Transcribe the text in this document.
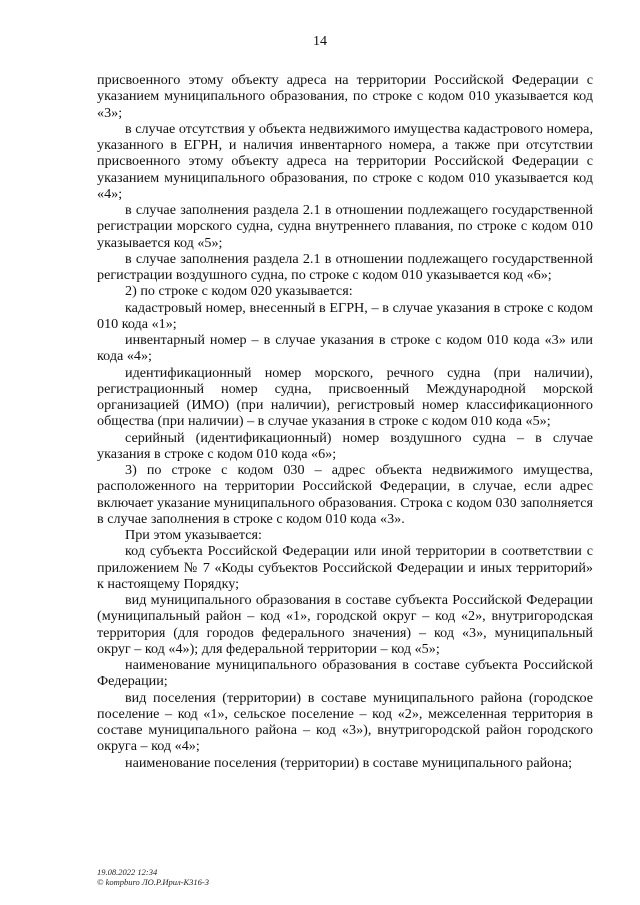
14

присвоенного этому объекту адреса на территории Российской Федерации с указанием муниципального образования, по строке с кодом 010 указывается код «3»;

в случае отсутствия у объекта недвижимого имущества кадастрового номера, указанного в ЕГРН, и наличия инвентарного номера, а также при отсутствии присвоенного этому объекту адреса на территории Российской Федерации с указанием муниципального образования, по строке с кодом 010 указывается код «4»;

в случае заполнения раздела 2.1 в отношении подлежащего государственной регистрации морского судна, судна внутреннего плавания, по строке с кодом 010 указывается код «5»;

в случае заполнения раздела 2.1 в отношении подлежащего государственной регистрации воздушного судна, по строке с кодом 010 указывается код «6»;

2) по строке с кодом 020 указывается:

кадастровый номер, внесенный в ЕГРН, – в случае указания в строке с кодом 010 кода «1»;

инвентарный номер – в случае указания в строке с кодом 010 кода «3» или кода «4»;

идентификационный номер морского, речного судна (при наличии), регистрационный номер судна, присвоенный Международной морской организацией (ИМО) (при наличии), регистровый номер классификационного общества (при наличии) – в случае указания в строке с кодом 010 кода «5»;

серийный (идентификационный) номер воздушного судна – в случае указания в строке с кодом 010 кода «6»;

3) по строке с кодом 030 – адрес объекта недвижимого имущества, расположенного на территории Российской Федерации, в случае, если адрес включает указание муниципального образования. Строка с кодом 030 заполняется в случае заполнения в строке с кодом 010 кода «3».

При этом указывается:

код субъекта Российской Федерации или иной территории в соответствии с приложением № 7 «Коды субъектов Российской Федерации и иных территорий» к настоящему Порядку;

вид муниципального образования в составе субъекта Российской Федерации (муниципальный район – код «1», городской округ – код «2», внутригородская территория (для городов федерального значения) – код «3», муниципальный округ – код «4»); для федеральной территории – код «5»;

наименование муниципального образования в составе субъекта Российской Федерации;

вид поселения (территории) в составе муниципального района (городское поселение – код «1», сельское поселение – код «2», межселенная территория в составе муниципального района – код «3»), внутригородской район городского округа – код «4»;

наименование поселения (территории) в составе муниципального района;

19.08.2022 12:34
© kompburo ЛО.Р.Ирил-К316-3
